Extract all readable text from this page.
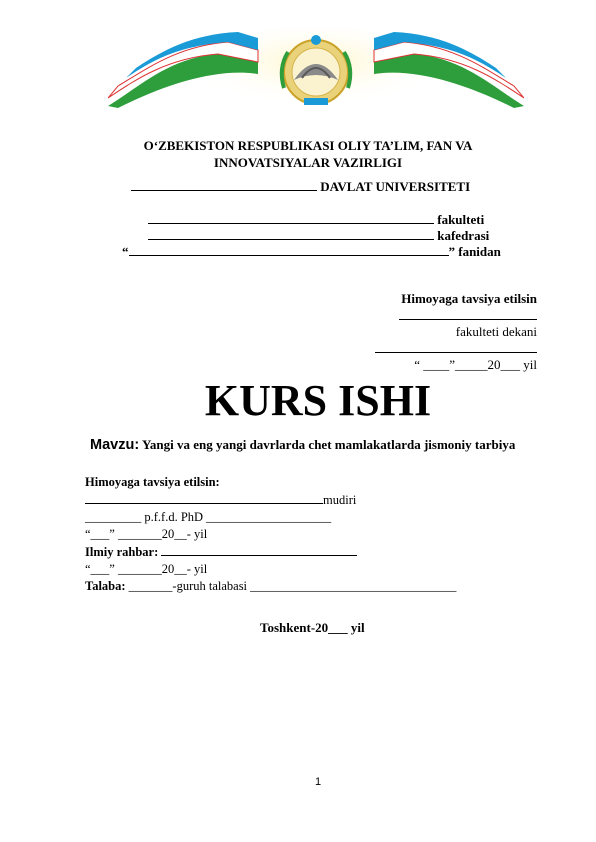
O‘ZBEKISTON RESPUBLIKASI OLIY TA’LIM, FAN VA
INNOVATSIYALAR VAZIRLIGI
DAVLAT UNIVERSITETI
fakulteti
kafedrasi
“	” fanidan
Himoyaga tavsiya etilsin
fakulteti dekani
“ ____”_____20___ yil
KURS ISHI
Mavzu: Yangi va eng yangi davrlarda chet mamlakatlarda jismoniy tarbiya
Himoyaga tavsiya etilsin:
mudiri
_________ p.f.f.d. PhD ____________________
“___” _______20__- yil
Ilmiy rahbar:
“___” _______20__- yil
Talaba: _______-guruh talabasi _________________________________
Toshkent-20___ yil
1
